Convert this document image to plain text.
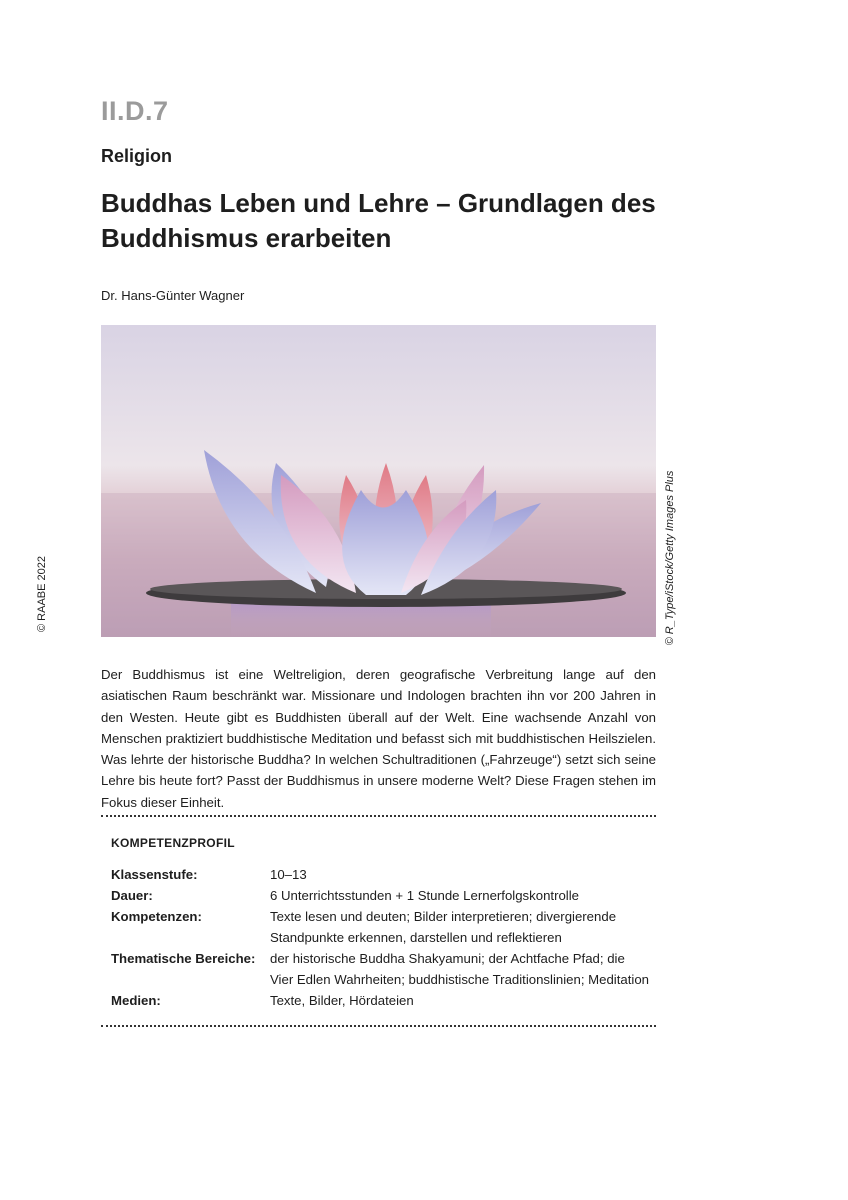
II.D.7
Religion
Buddhas Leben und Lehre – Grundlagen des Buddhismus erarbeiten
Dr. Hans-Günter Wagner
© RAABE 2022	© R_Type/iStock/Getty Images Plus
Der Buddhismus ist eine Weltreligion, deren geografische Verbreitung lange auf den asiatischen Raum beschränkt war. Missionare und Indologen brachten ihn vor 200 Jahren in den Westen. Heute gibt es Buddhisten überall auf der Welt. Eine wachsende Anzahl von Menschen praktiziert buddhistische Meditation und befasst sich mit buddhistischen Heilszielen. Was lehrte der historische Buddha? In welchen Schultraditionen („Fahrzeuge“) setzt sich seine Lehre bis heute fort? Passt der Buddhismus in unsere moderne Welt? Diese Fragen stehen im Fokus dieser Einheit.
KOMPETENZPROFIL
Klassenstufe:	10–13
Dauer:	6 Unterrichtsstunden + 1 Stunde Lernerfolgskontrolle
Kompetenzen:	Texte lesen und deuten; Bilder interpretieren; divergierende Standpunkte erkennen, darstellen und reflektieren
Thematische Bereiche: der historische Buddha Shakyamuni; der Achtfache Pfad; die Vier Edlen Wahrheiten; buddhistische Traditionslinien; Meditation
Medien:	Texte, Bilder, Hördateien
